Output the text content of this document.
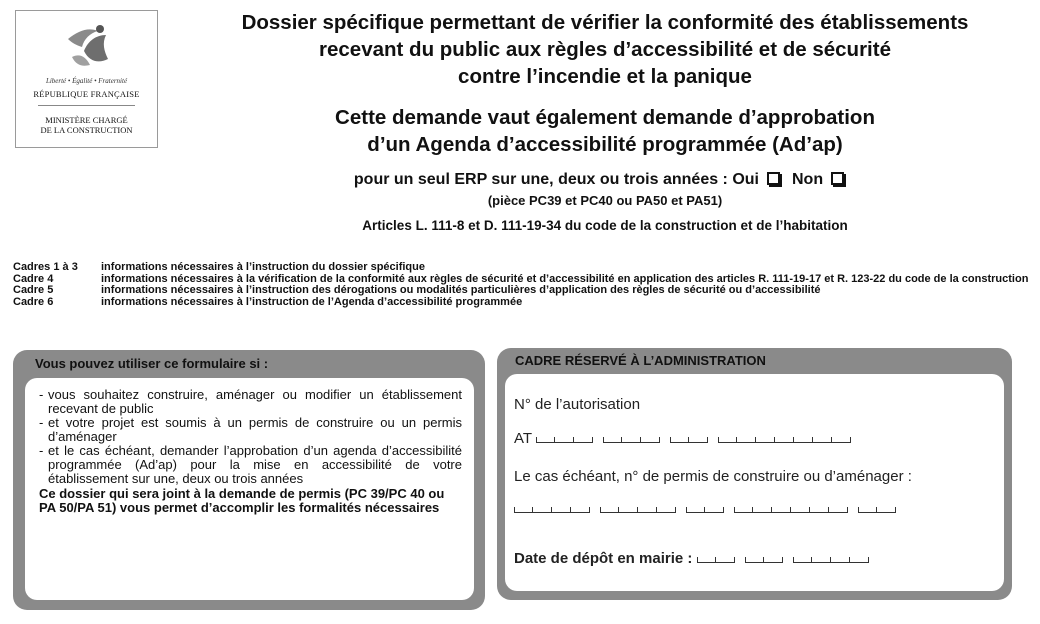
Liberté • Égalité • Fraternité
RÉPUBLIQUE FRANÇAISE
MINISTÈRE CHARGÉ
DE LA CONSTRUCTION
Dossier spécifique permettant de vérifier la conformité des établissements
recevant du public aux règles d’accessibilité et de sécurité
contre l’incendie et la panique
Cette demande vaut également demande d’approbation
d’un Agenda d’accessibilité programmée (Ad’ap)
pour un seul ERP sur une, deux ou trois années : Oui Non
(pièce PC39 et PC40 ou PA50 et PA51)
Articles L. 111-8 et D. 111-19-34 du code de la construction et de l’habitation
Cadres 1 à 3	informations nécessaires à l’instruction du dossier spécifique
Cadre 4	informations nécessaires à la vérification de la conformité aux règles de sécurité et d’accessibilité en application des articles R. 111-19-17 et R. 123-22 du code de la construction
Cadre 5	informations nécessaires à l’instruction des dérogations ou modalités particulières d’application des règles de sécurité ou d’accessibilité
Cadre 6	informations nécessaires à l’instruction de l’Agenda d’accessibilité programmée
Vous pouvez utiliser ce formulaire si :
- vous souhaitez construire, aménager ou modifier un établissement recevant de public
- et votre projet est soumis à un permis de construire ou un permis d’aménager
- et le cas échéant, demander l’approbation d’un agenda d’accessibilité programmée (Ad’ap) pour la mise en accessibilité de votre établissement sur une, deux ou trois années
Ce dossier qui sera joint à la demande de permis (PC 39/PC 40 ou PA 50/PA 51) vous permet d’accomplir les formalités nécessaires
CADRE RÉSERVÉ À L’ADMINISTRATION
N° de l’autorisation
AT
Le cas échéant, n° de permis de construire ou d’aménager :
Date de dépôt en mairie :
